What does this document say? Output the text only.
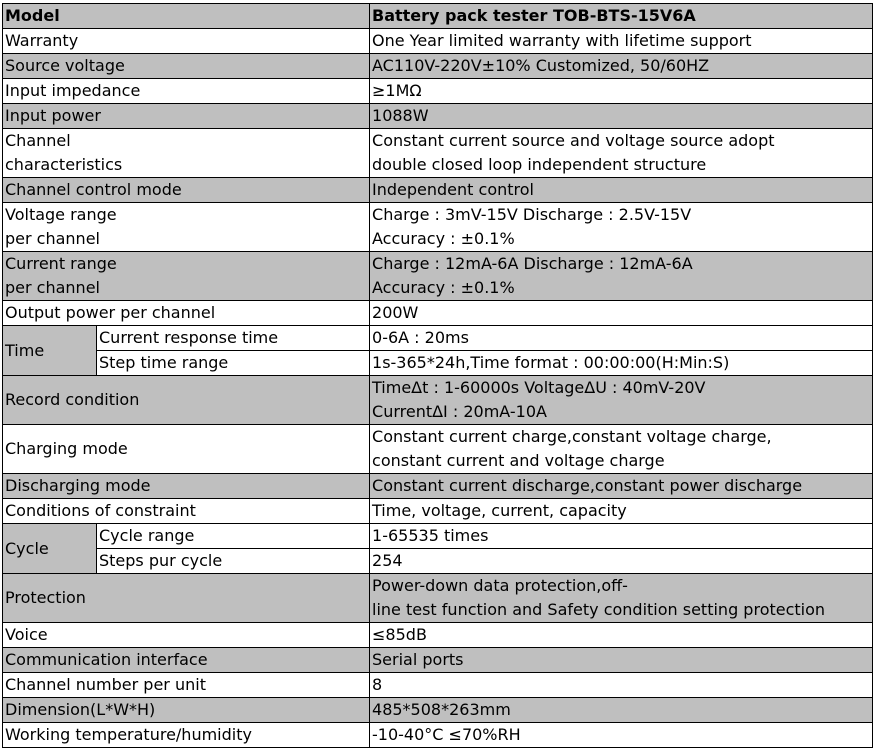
Model		Battery pack tester TOB-BTS-15V6A
Warranty		One Year limited warranty with lifetime support
Source voltage		AC110V-220V±10% Customized, 50/60HZ
Input impedance		≥1MΩ
Input power		1088W
Channel
characteristics		Constant current source and voltage source adopt
double closed loop independent structure
Channel control mode		Independent control
Voltage range
per channel		Charge : 3mV-15V Discharge : 2.5V-15V
Accuracy : ±0.1%
Current range
per channel		Charge : 12mA-6A Discharge : 12mA-6A
Accuracy : ±0.1%
Output power per channel		200W
Time	Current response time	0-6A : 20ms
	Step time range	1s-365*24h,Time format : 00:00:00(H:Min:S)
Record condition		TimeΔt : 1-60000s VoltageΔU : 40mV-20V
CurrentΔI : 20mA-10A
Charging mode		Constant current charge,constant voltage charge,
constant current and voltage charge
Discharging mode		Constant current discharge,constant power discharge
Conditions of constraint		Time, voltage, current, capacity
Cycle	Cycle range	1-65535 times
	Steps pur cycle	254
Protection		Power-down data protection,off-
line test function and Safety condition setting protection
Voice		≤85dB
Communication interface		Serial ports
Channel number per unit		8
Dimension(L*W*H)		485*508*263mm
Working temperature/humidity		-10-40°C ≤70%RH
